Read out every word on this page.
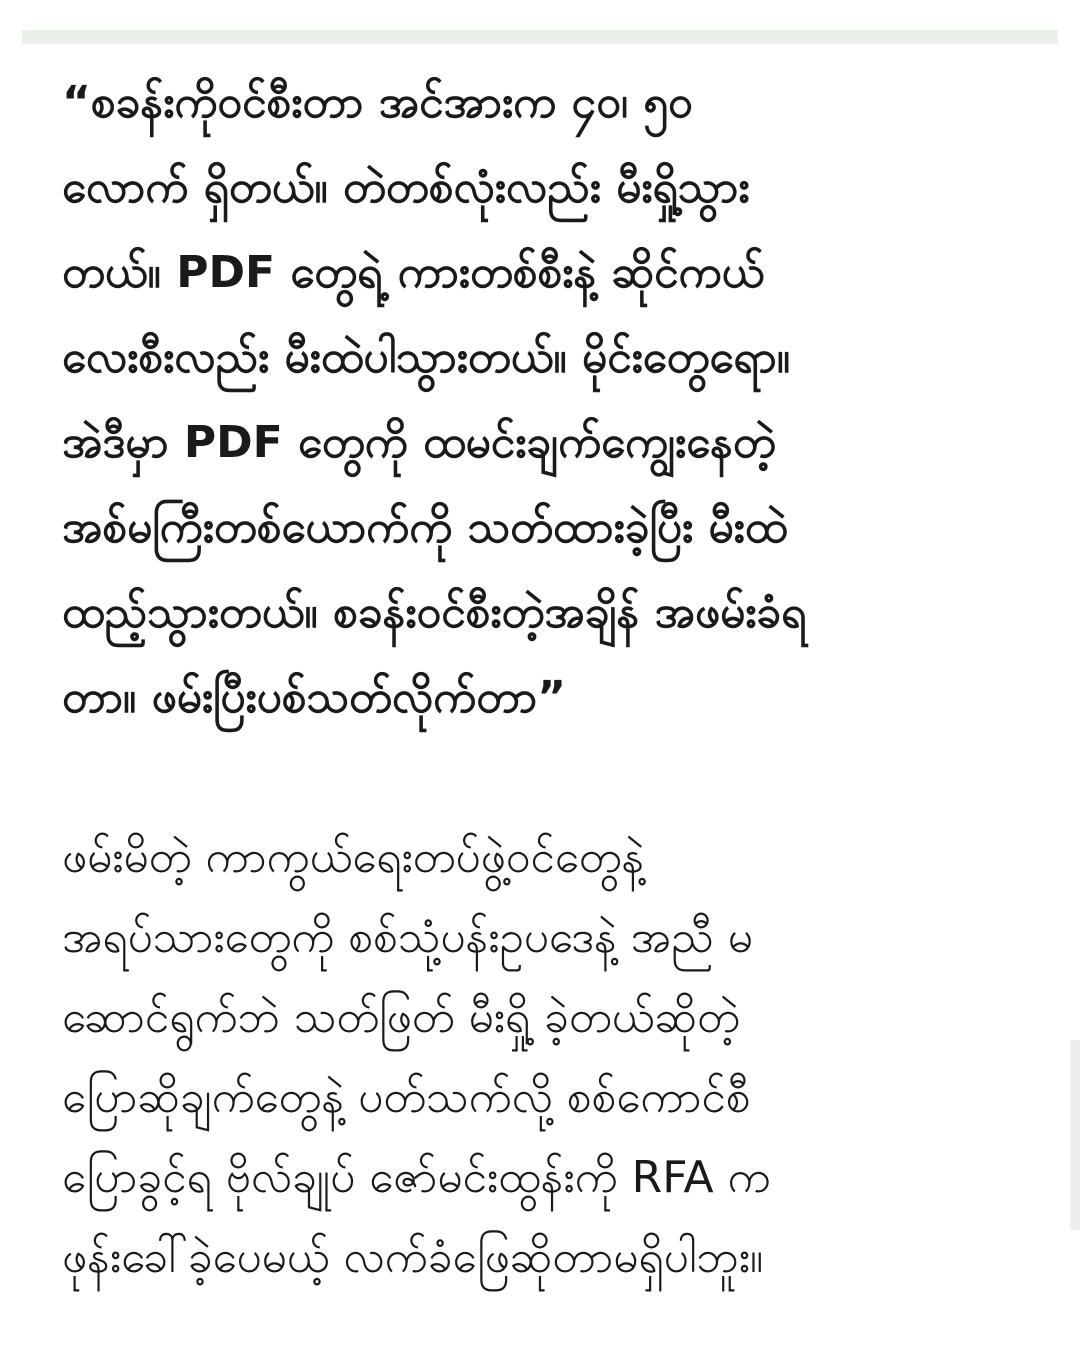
“စခန်းကိုဝင်စီးတာ အင်အားက ၄၀၊ ၅၀
လောက် ရှိတယ်။ တဲတစ်လုံးလည်း မီးရှို့သွား
တယ်။ PDF တွေရဲ့ ကားတစ်စီးနဲ့ ဆိုင်ကယ်
လေးစီးလည်း မီးထဲပါသွားတယ်။ မိုင်းတွေရော။
အဲဒီမှာ PDF တွေကို ထမင်းချက်ကျွေးနေတဲ့
အစ်မကြီးတစ်ယောက်ကို သတ်ထားခဲ့ပြီး မီးထဲ
ထည့်သွားတယ်။ စခန်းဝင်စီးတဲ့အချိန် အဖမ်းခံရ
တာ။ ဖမ်းပြီးပစ်သတ်လိုက်တာ”

ဖမ်းမိတဲ့ ကာကွယ်ရေးတပ်ဖွဲ့ဝင်တွေနဲ့
အရပ်သားတွေကို စစ်သုံ့ပန်းဥပဒေနဲ့ အညီ မ
ဆောင်ရွက်ဘဲ သတ်ဖြတ် မီးရှို့ ခဲ့တယ်ဆိုတဲ့
ပြောဆိုချက်တွေနဲ့ ပတ်သက်လို့ စစ်ကောင်စီ
ပြောခွင့်ရ ဗိုလ်ချုပ် ဇော်မင်းထွန်းကို RFA က
ဖုန်းခေါ်ခဲ့ပေမယ့် လက်ခံဖြေဆိုတာမရှိပါဘူး။
